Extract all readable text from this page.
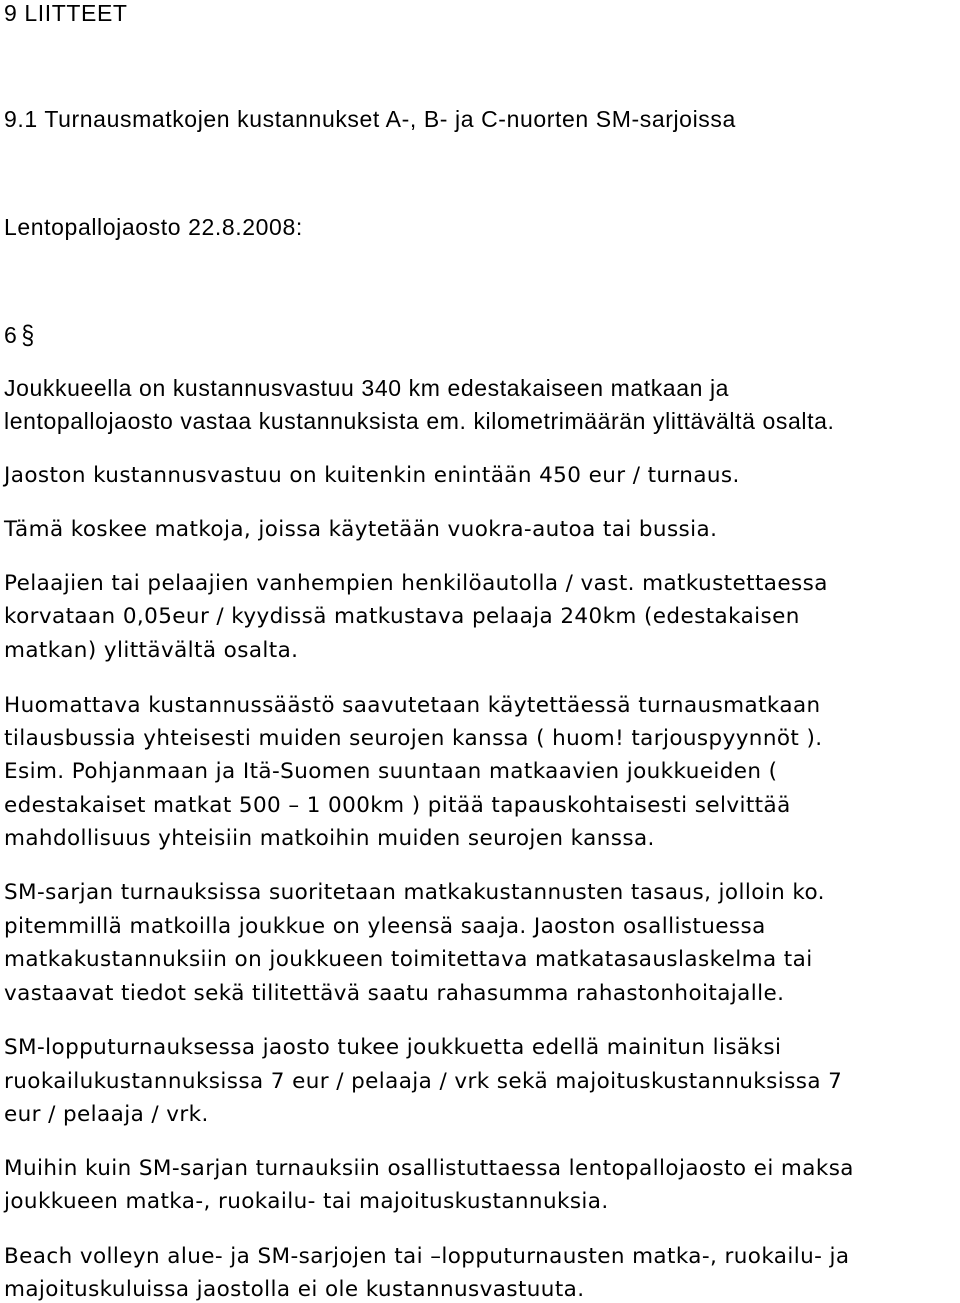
9 LIITTEET
9.1 Turnausmatkojen kustannukset A-, B- ja C-nuorten SM-sarjoissa
Lentopallojaosto 22.8.2008:
6 §
Joukkueella on kustannusvastuu 340 km edestakaiseen matkaan ja
lentopallojaosto vastaa kustannuksista em. kilometrimäärän ylittävältä osalta.
Jaoston kustannusvastuu on kuitenkin enintään 450 eur / turnaus.
Tämä koskee matkoja, joissa käytetään vuokra-autoa tai bussia.
Pelaajien tai pelaajien vanhempien henkilöautolla / vast. matkustettaessa
korvataan 0,05eur / kyydissä matkustava pelaaja 240km (edestakaisen
matkan) ylittävältä osalta.
Huomattava kustannussäästö saavutetaan käytettäessä turnausmatkaan
tilausbussia yhteisesti muiden seurojen kanssa ( huom! tarjouspyynnöt ).
Esim. Pohjanmaan ja Itä-Suomen suuntaan matkaavien joukkueiden (
edestakaiset matkat 500 – 1 000km ) pitää tapauskohtaisesti selvittää
mahdollisuus yhteisiin matkoihin muiden seurojen kanssa.
SM-sarjan turnauksissa suoritetaan matkakustannusten tasaus, jolloin ko.
pitemmillä matkoilla joukkue on yleensä saaja. Jaoston osallistuessa
matkakustannuksiin on joukkueen toimitettava matkatasauslaskelma tai
vastaavat tiedot sekä tilitettävä saatu rahasumma rahastonhoitajalle.
SM-lopputurnauksessa jaosto tukee joukkuetta edellä mainitun lisäksi
ruokailukustannuksissa 7 eur / pelaaja / vrk sekä majoituskustannuksissa 7
eur / pelaaja / vrk.
Muihin kuin SM-sarjan turnauksiin osallistuttaessa lentopallojaosto ei maksa
joukkueen matka-, ruokailu- tai majoituskustannuksia.
Beach volleyn alue- ja SM-sarjojen tai –lopputurnausten matka-, ruokailu- ja
majoituskuluissa jaostolla ei ole kustannusvastuuta.
